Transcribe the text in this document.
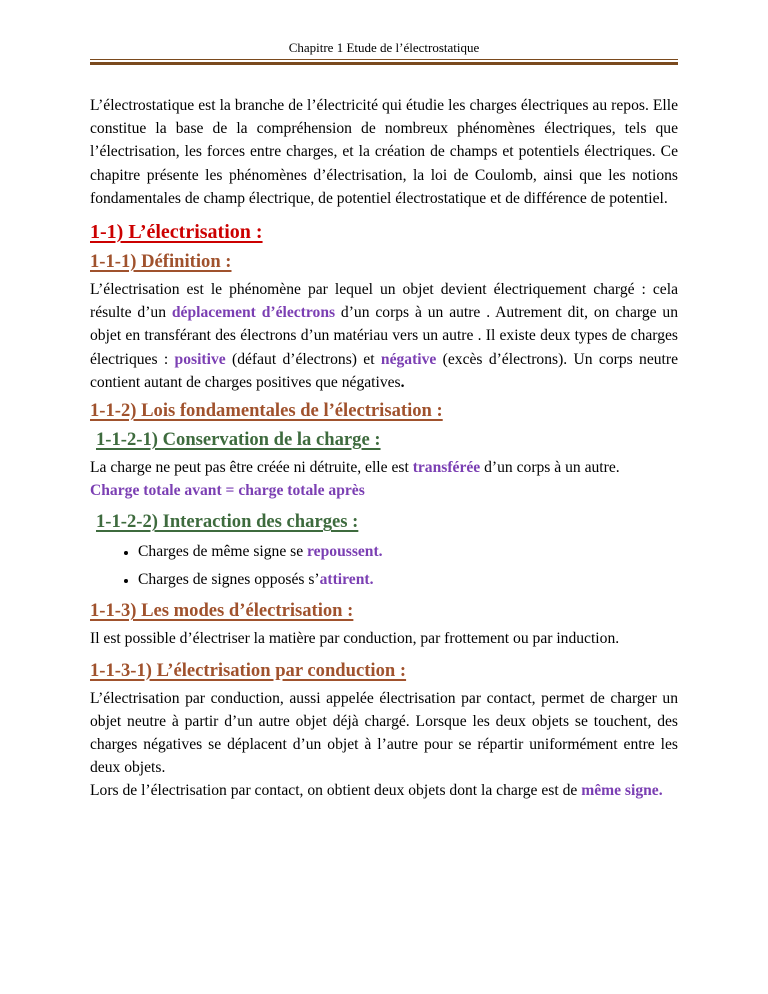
Chapitre 1 Etude de l’électrostatique

L’électrostatique est la branche de l’électricité qui étudie les charges électriques au repos. Elle constitue la base de la compréhension de nombreux phénomènes électriques, tels que l’électrisation, les forces entre charges, et la création de champs et potentiels électriques. Ce chapitre présente les phénomènes d’électrisation, la loi de Coulomb, ainsi que les notions fondamentales de champ électrique, de potentiel électrostatique et de différence de potentiel.

1-1) L’électrisation :
1-1-1) Définition :

L’électrisation est le phénomène par lequel un objet devient électriquement chargé : cela résulte d’un déplacement d’électrons d’un corps à un autre . Autrement dit, on charge un objet en transférant des électrons d’un matériau vers un autre . Il existe deux types de charges électriques : positive (défaut d’électrons) et négative (excès d’électrons). Un corps neutre contient autant de charges positives que négatives.

1-1-2) Lois fondamentales de l’électrisation :
1-1-2-1) Conservation de la charge :

La charge ne peut pas être créée ni détruite, elle est transférée d’un corps à un autre.

Charge totale avant = charge totale après

1-1-2-2) Interaction des charges :
• Charges de même signe se repoussent.
• Charges de signes opposés s’attirent.
1-1-3) Les modes d’électrisation :

Il est possible d’électriser la matière par conduction, par frottement ou par induction.

1-1-3-1) L’électrisation par conduction :

L’électrisation par conduction, aussi appelée électrisation par contact, permet de charger un objet neutre à partir d’un autre objet déjà chargé. Lorsque les deux objets se touchent, des charges négatives se déplacent d’un objet à l’autre pour se répartir uniformément entre les deux objets.

Lors de l’électrisation par contact, on obtient deux objets dont la charge est de même signe.
